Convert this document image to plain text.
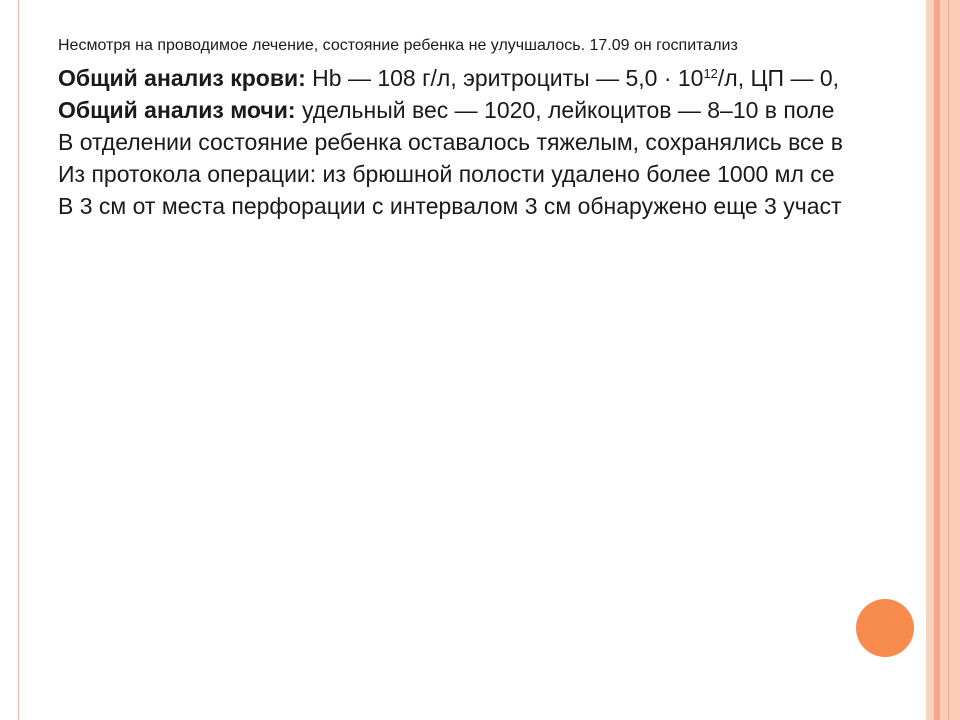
Несмотря на проводимое лечение, состояние ребенка не улучшалось. 17.09 он госпитализ
Общий анализ крови: Hb — 108 г/л, эритроциты — $5,0 \cdot 10^{12}/л$, ЦП — 0,
Общий анализ мочи: удельный вес — 1020, лейкоцитов — 8–10 в поле
В отделении состояние ребенка оставалось тяжелым, сохранялись все в
Из протокола операции: из брюшной полости удалено более 1000 мл се
В 3 см от места перфорации с интервалом 3 см обнаружено еще 3 участ
